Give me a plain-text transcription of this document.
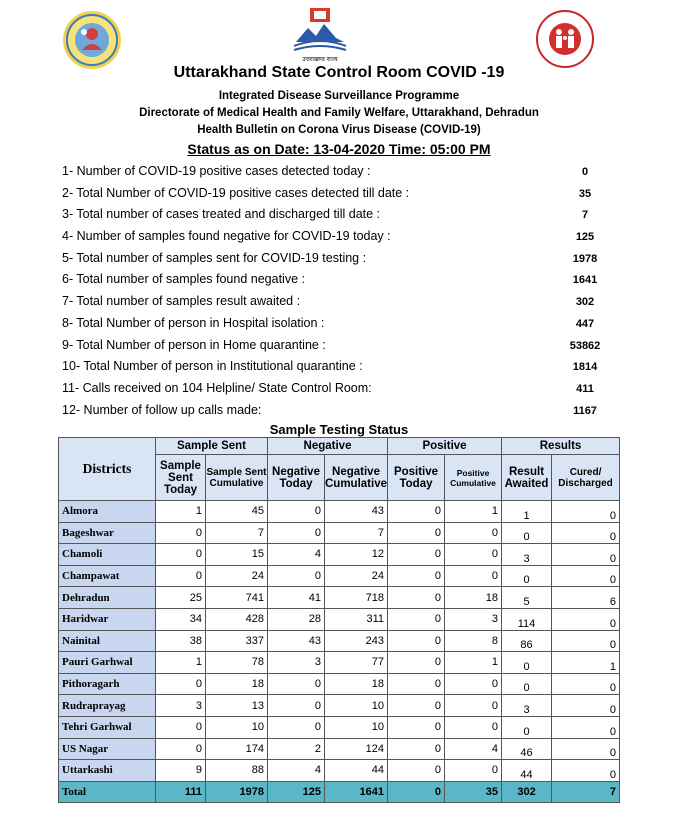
उत्तराखण्ड राज्य
Uttarakhand State Control Room COVID -19
Integrated Disease Surveillance Programme
Directorate of Medical Health and Family Welfare, Uttarakhand, Dehradun
Health Bulletin on Corona Virus Disease (COVID-19)
Status as on Date: 13-04-2020 Time: 05:00 PM
1- Number of COVID-19 positive cases detected today :	0
2- Total Number of COVID-19 positive cases detected till date :	35
3- Total number of cases treated and discharged till date :	7
4- Number of samples found negative for COVID-19 today :	125
5- Total number of samples sent for COVID-19 testing :	1978
6- Total number of samples found negative :	1641
7- Total number of samples result awaited :	302
8- Total Number of person in Hospital isolation :	447
9- Total Number of person in Home quarantine :	53862
10- Total Number of person in Institutional quarantine :	1814
11- Calls received on 104 Helpline/ State Control Room:	411
12- Number of follow up calls made:	1167
Sample Testing Status
Districts	Sample Sent		Negative		Positive		Results	
	Sample Sent Today	Sample Sent Cumulative	Negative Today	Negative Cumulative	Positive Today	Positive Cumulative	Result Awaited	Cured/ Discharged
Almora	1	45	0	43	0	1	1	0
Bageshwar	0	7	0	7	0	0	0	0
Chamoli	0	15	4	12	0	0	3	0
Champawat	0	24	0	24	0	0	0	0
Dehradun	25	741	41	718	0	18	5	6
Haridwar	34	428	28	311	0	3	114	0
Nainital	38	337	43	243	0	8	86	0
Pauri Garhwal	1	78	3	77	0	1	0	1
Pithoragarh	0	18	0	18	0	0	0	0
Rudraprayag	3	13	0	10	0	0	3	0
Tehri Garhwal	0	10	0	10	0	0	0	0
US Nagar	0	174	2	124	0	4	46	0
Uttarkashi	9	88	4	44	0	0	44	0
Total	111	1978	125	1641	0	35	302	7
